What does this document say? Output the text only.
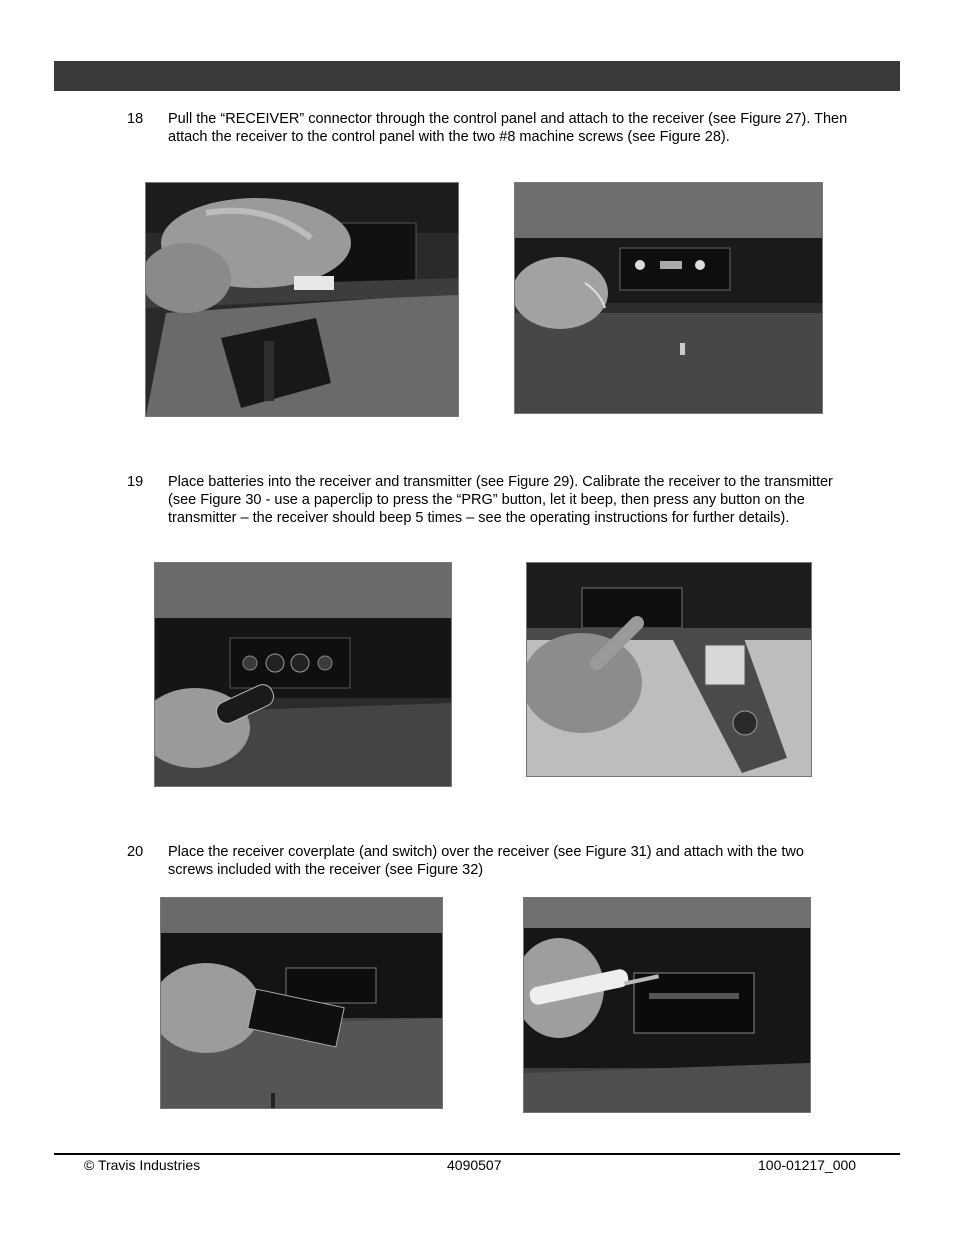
18	Pull the “RECEIVER” connector through the control panel and attach to the receiver (see Figure 27). Then attach the receiver to the control panel with the two #8 machine screws (see Figure 28).
19	Place batteries into the receiver and transmitter (see Figure 29). Calibrate the receiver to the transmitter (see Figure 30 - use a paperclip to press the “PRG” button, let it beep, then press any button on the transmitter – the receiver should beep 5 times – see the operating instructions for further details).
20	Place the receiver coverplate (and switch) over the receiver (see Figure 31) and attach with the two screws included with the receiver (see Figure 32)
© Travis Industries	4090507	100-01217_000
